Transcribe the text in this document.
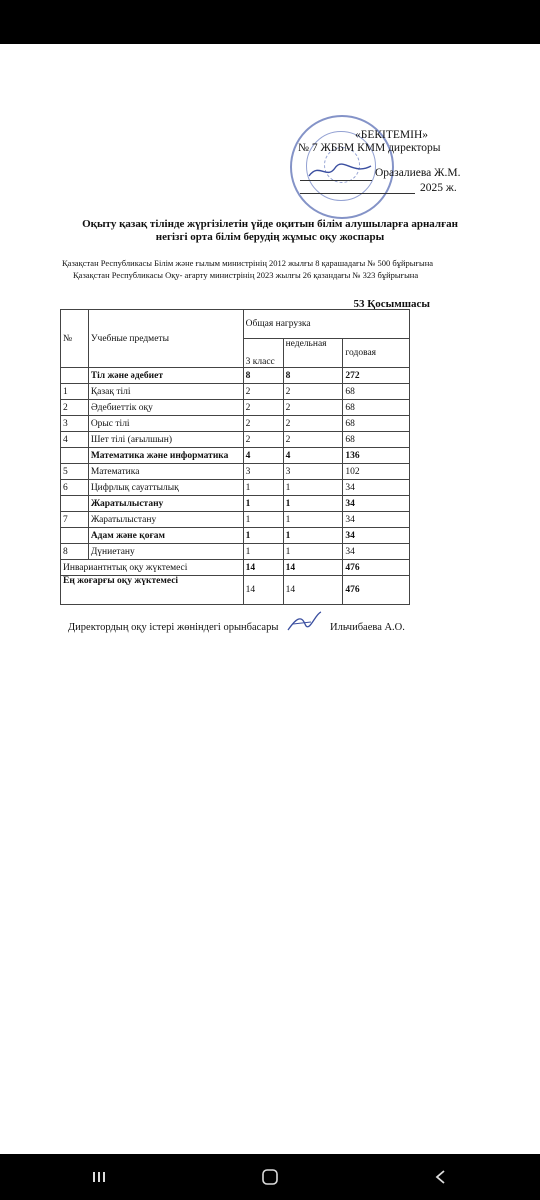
«БЕКІТЕМІН»
№ 7 ЖББМ КММ директоры
Оразалиева Ж.М.
2025 ж.
Оқыту қазақ тілінде жүргізілетін үйде оқитын білім алушыларға арналған
негізгі орта білім берудің жұмыс оқу жоспары
Қазақстан Республикасы Білім және ғылым министрінің 2012 жылғы 8 қарашадағы № 500 бұйрығына
Қазақстан Республикасы Оқу- ағарту министрінің 2023 жылғы 26 қазандағы № 323 бұйрығына
53 Қосымшасы
№	Учебные предметы	Общая нагрузка		
		3 класс	недельная	годовая
	Тіл және әдебиет	8	8	272
1	Қазақ тілі	2	2	68
2	Әдебиеттік оқу	2	2	68
3	Орыс тілі	2	2	68
4	Шет тілі (ағылшын)	2	2	68
	Математика және информатика	4	4	136
5	Математика	3	3	102
6	Цифрлық сауаттылық	1	1	34
	Жаратылыстану	1	1	34
7	Жаратылыстану	1	1	34
	Адам және қоғам	1	1	34
8	Дүниетану	1	1	34
Инвариантнтық оқу жүктемесі		14	14	476
Ең жоғарғы оқу жүктемесі		14	14	476
Директордың оқу істері жөніндегі орынбасары	Ильчибаева А.О.
